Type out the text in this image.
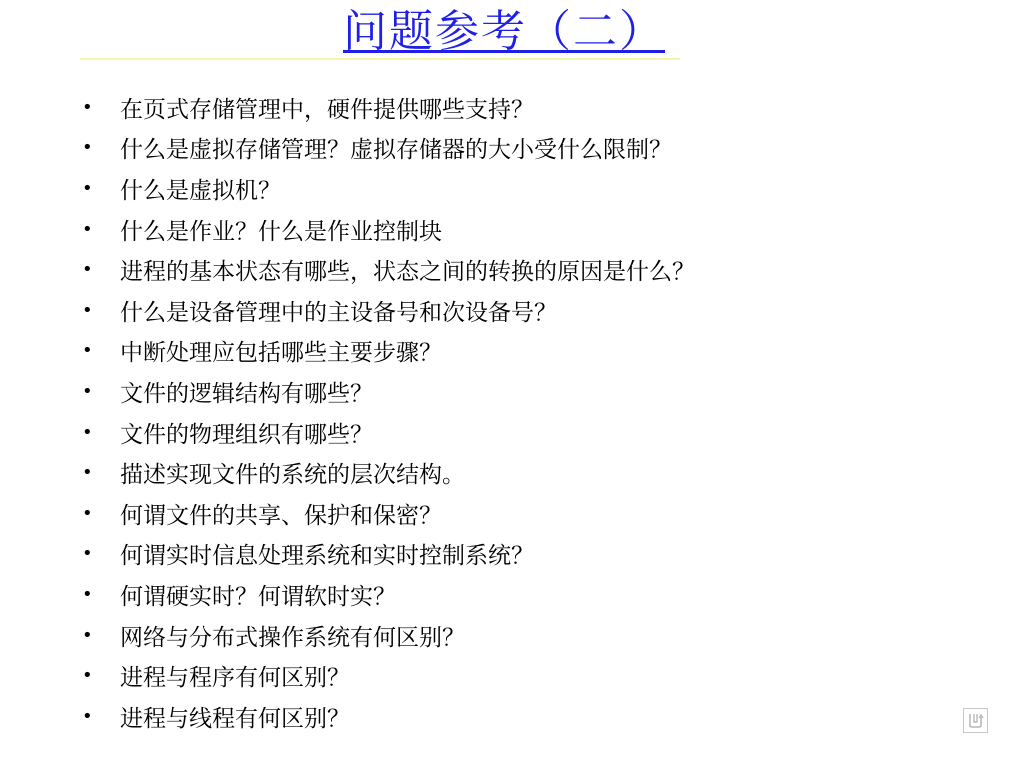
问题参考（二）
•	在页式存储管理中，硬件提供哪些支持？
•	什么是虚拟存储管理？虚拟存储器的大小受什么限制？
•	什么是虚拟机？
•	什么是作业？什么是作业控制块
•	进程的基本状态有哪些，状态之间的转换的原因是什么？
•	什么是设备管理中的主设备号和次设备号？
•	中断处理应包括哪些主要步骤？
•	文件的逻辑结构有哪些？
•	文件的物理组织有哪些？
•	描述实现文件的系统的层次结构。
•	何谓文件的共享、保护和保密？
•	何谓实时信息处理系统和实时控制系统？
•	何谓硬实时？何谓软时实？
•	网络与分布式操作系统有何区别？
•	进程与程序有何区别？
•	进程与线程有何区别？
